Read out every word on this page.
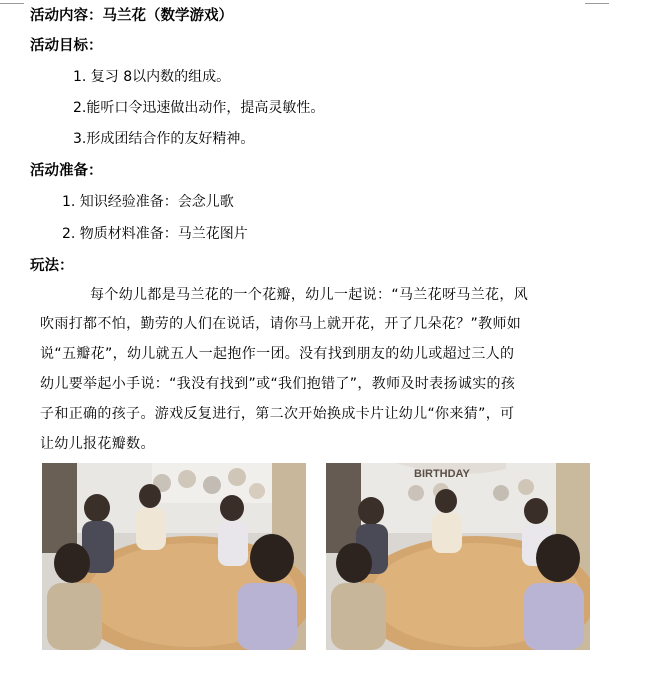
活动内容：马兰花（数学游戏）
活动目标：
1. 复习 8以内数的组成。
2.能听口令迅速做出动作，提高灵敏性。
3.形成团结合作的友好精神。
活动准备：
1. 知识经验准备：会念儿歌
2. 物质材料准备：马兰花图片
玩法：
每个幼儿都是马兰花的一个花瓣，幼儿一起说：“马兰花呀马兰花，风
吹雨打都不怕，勤劳的人们在说话，请你马上就开花，开了几朵花？”教师如
说“五瓣花”，幼儿就五人一起抱作一团。没有找到朋友的幼儿或超过三人的
幼儿要举起小手说：“我没有找到”或“我们抱错了”，教师及时表扬诚实的孩
子和正确的孩子。游戏反复进行，第二次开始换成卡片让幼儿“你来猜”，可
让幼儿报花瓣数。
BIRTHDAY
